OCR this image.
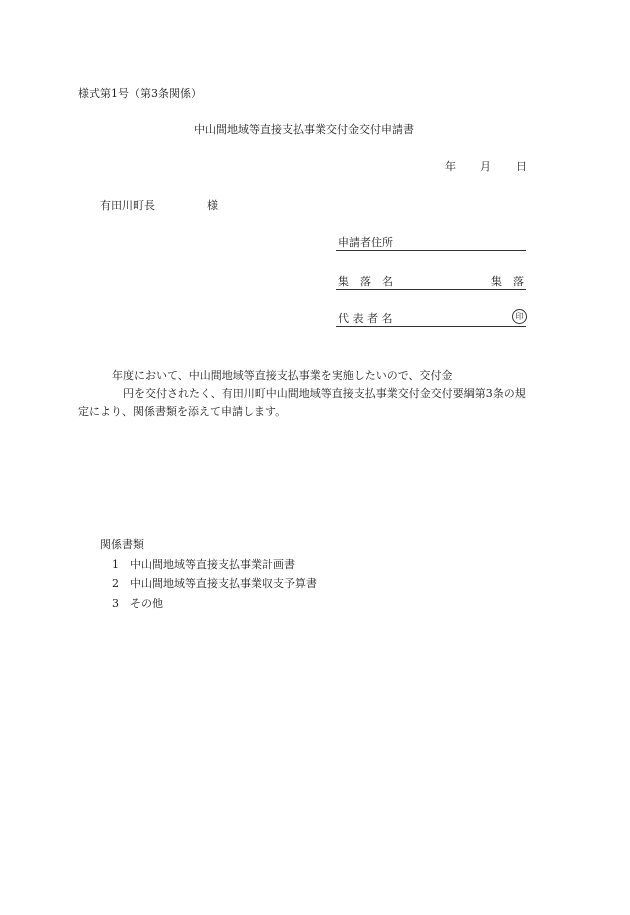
様式第1号（第3条関係）
中山間地域等直接支払事業交付金交付申請書
年 月 日
有田川町長	様
申請者住所
集　落　名	集　落
代 表 者 名	印
年度において、中山間地域等直接支払事業を実施したいので、交付金
円を交付されたく、有田川町中山間地域等直接支払事業交付金交付要綱第3条の規
定により、関係書類を添えて申請します。
関係書類
1 中山間地域等直接支払事業計画書
2 中山間地域等直接支払事業収支予算書
3 その他
